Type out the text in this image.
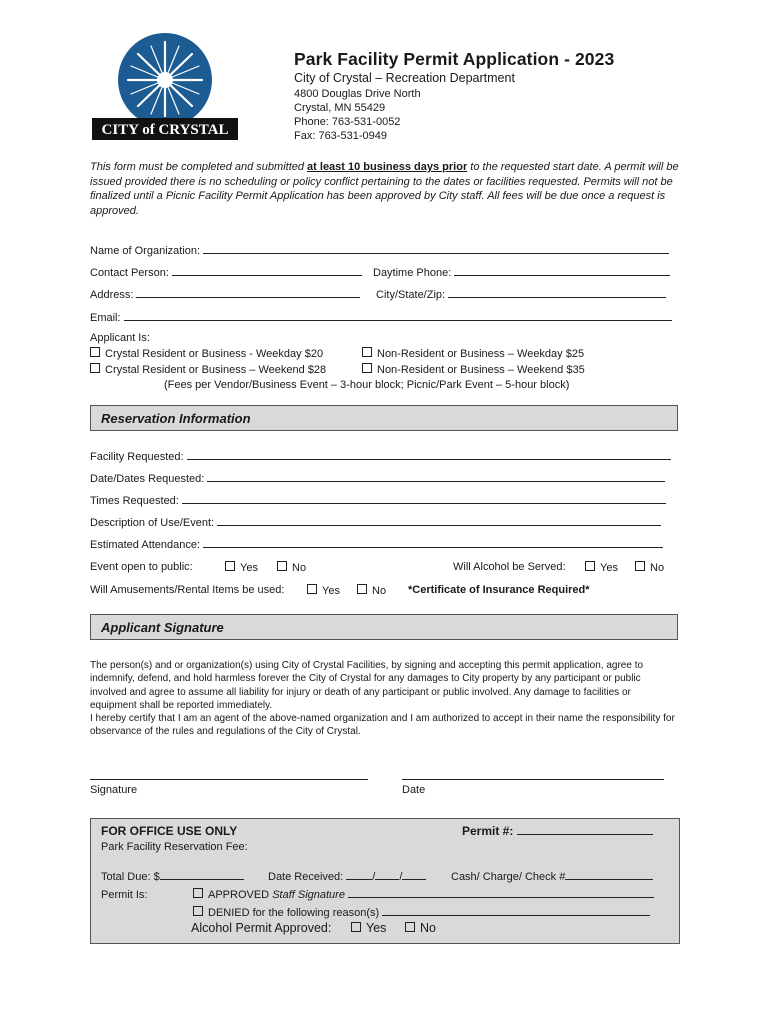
CITY of CRYSTAL
Park Facility Permit Application - 2023
City of Crystal – Recreation Department
4800 Douglas Drive North
Crystal, MN 55429
Phone: 763-531-0052
Fax: 763-531-0949
This form must be completed and submitted at least 10 business days prior to the requested start date. A permit will be issued provided there is no scheduling or policy conflict pertaining to the dates or facilities requested. Permits will not be finalized until a Picnic Facility Permit Application has been approved by City staff. All fees will be due once a request is approved.
Name of Organization:
Contact Person:	Daytime Phone:
Address:	City/State/Zip:
Email:
Applicant Is:
Crystal Resident or Business - Weekday $20	Non-Resident or Business – Weekday $25
Crystal Resident or Business – Weekend $28	Non-Resident or Business – Weekend $35
(Fees per Vendor/Business Event – 3-hour block; Picnic/Park Event – 5-hour block)
Reservation Information
Facility Requested:
Date/Dates Requested:
Times Requested:
Description of Use/Event:
Estimated Attendance:
Event open to public:	Yes	No	Will Alcohol be Served:	Yes	No
Will Amusements/Rental Items be used:	Yes	No *Certificate of Insurance Required*
Applicant Signature
The person(s) and or organization(s) using City of Crystal Facilities, by signing and accepting this permit application, agree to indemnify, defend, and hold harmless forever the City of Crystal for any damages to City property by any participant or public involved and agree to assume all liability for injury or death of any participant or public involved. Any damage to facilities or equipment shall be reported immediately.
I hereby certify that I am an agent of the above-named organization and I am authorized to accept in their name the responsibility for observance of the rules and regulations of the City of Crystal.
Signature	Date
FOR OFFICE USE ONLY	Permit #:
Park Facility Reservation Fee:
Total Due: $	Date Received:	/ /	Cash/ Charge/ Check #
Permit Is:	APPROVED Staff Signature
DENIED for the following reason(s)
Alcohol Permit Approved:	Yes	No
